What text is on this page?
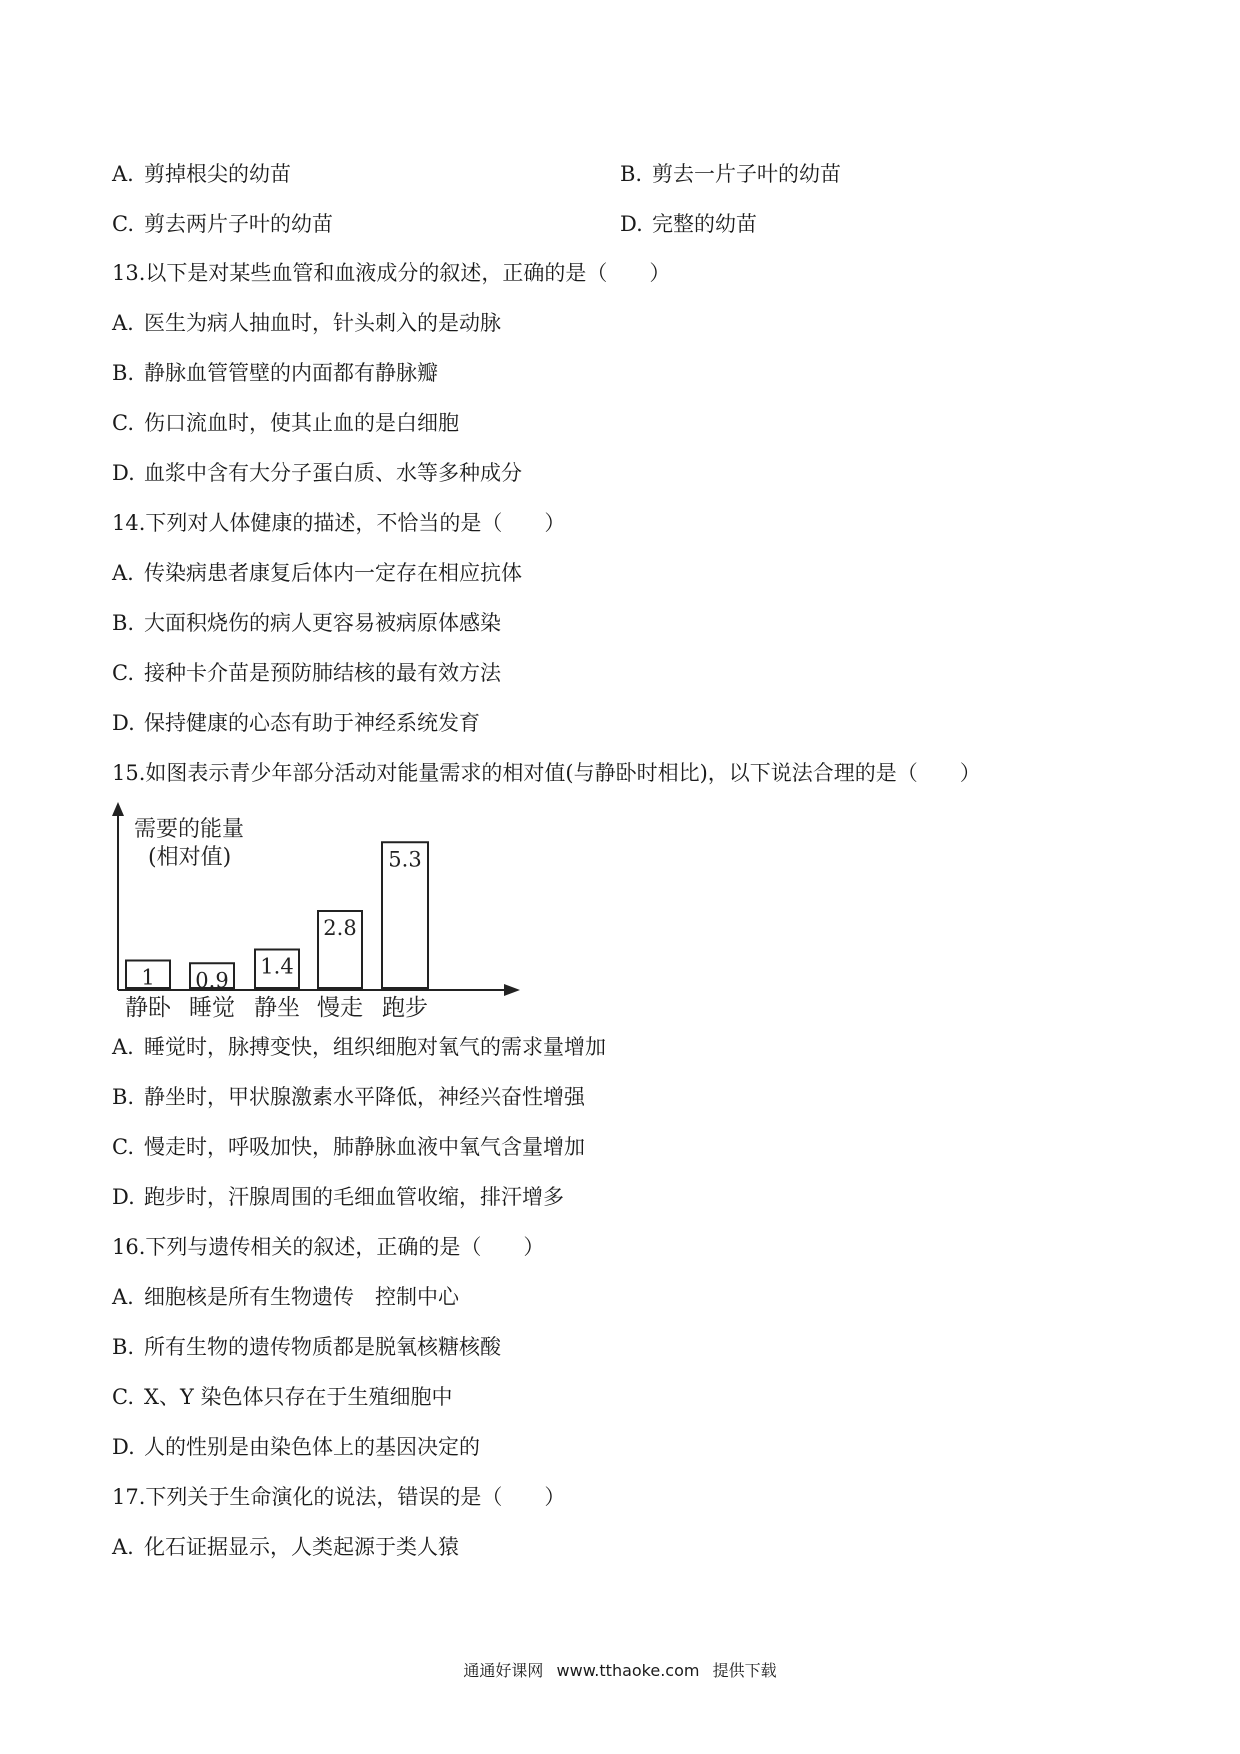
A. 剪掉根尖的幼苗	B. 剪去一片子叶的幼苗
C. 剪去两片子叶的幼苗	D. 完整的幼苗
13.以下是对某些血管和血液成分的叙述，正确的是（　　）
A. 医生为病人抽血时，针头刺入的是动脉
B. 静脉血管管壁的内面都有静脉瓣
C. 伤口流血时，使其止血的是白细胞
D. 血浆中含有大分子蛋白质、水等多种成分
14.下列对人体健康的描述，不恰当的是（　　）
A. 传染病患者康复后体内一定存在相应抗体
B. 大面积烧伤的病人更容易被病原体感染
C. 接种卡介苗是预防肺结核的最有效方法
D. 保持健康的心态有助于神经系统发育
15.如图表示青少年部分活动对能量需求的相对值(与静卧时相比)，以下说法合理的是（　　）
需要的能量
(相对值)
1 0.9
1.4
2.8
5.3
静卧 睡觉 静坐 慢走 跑步
A. 睡觉时，脉搏变快，组织细胞对氧气的需求量增加
B. 静坐时，甲状腺激素水平降低，神经兴奋性增强
C. 慢走时，呼吸加快，肺静脉血液中氧气含量增加
D. 跑步时，汗腺周围的毛细血管收缩，排汗增多
16.下列与遗传相关的叙述，正确的是（　　）
A. 细胞核是所有生物遗传　控制中心
B. 所有生物的遗传物质都是脱氧核糖核酸
C. X、Y 染色体只存在于生殖细胞中
D. 人的性别是由染色体上的基因决定的
17.下列关于生命演化的说法，错误的是（　　）
A. 化石证据显示，人类起源于类人猿
通通好课网 www.tthaoke.com 提供下载
